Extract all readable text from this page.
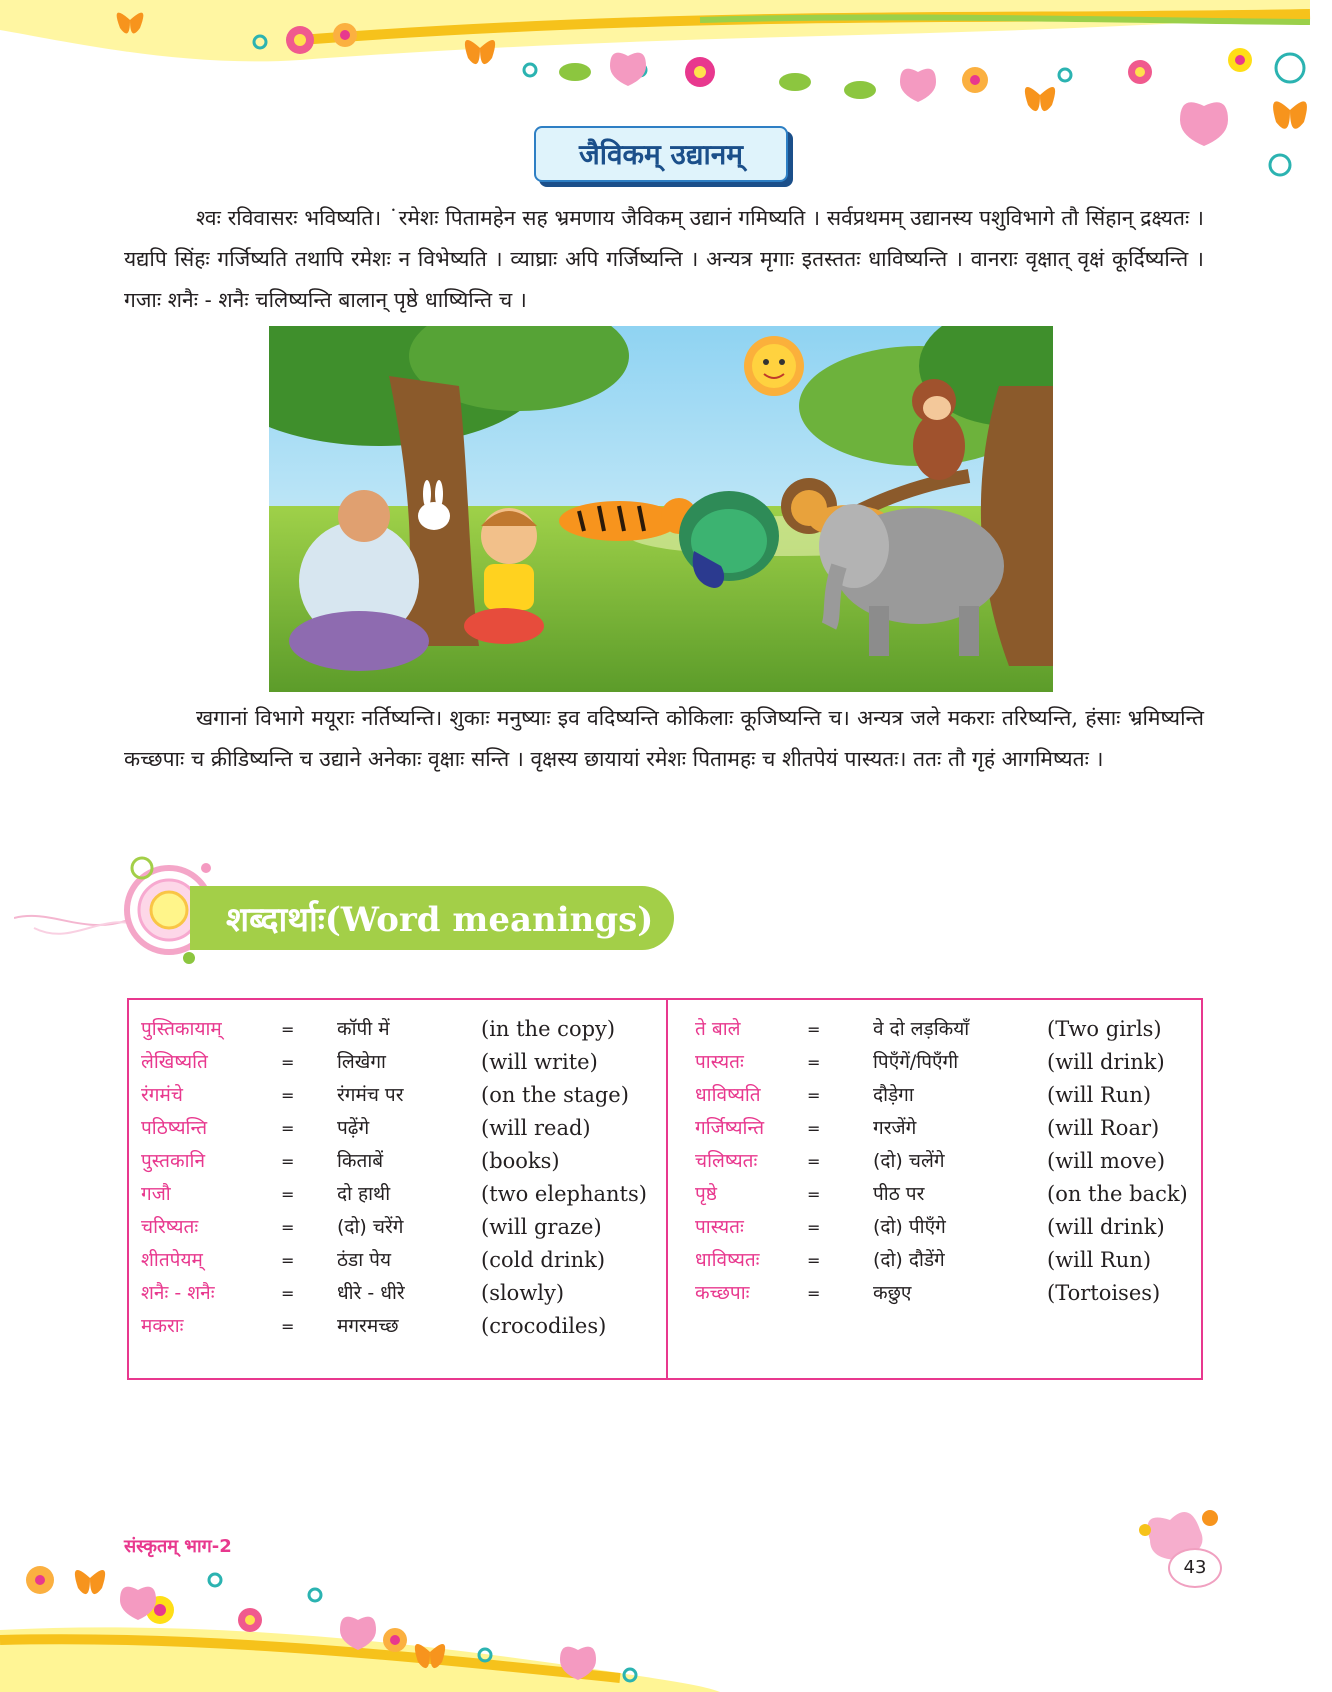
जैविकम् उद्यानम्

श्वः रविवासरः भविष्यति। ˙रमेशः पितामहेन सह भ्रमणाय जैविकम् उद्यानं गमिष्यति । सर्वप्रथमम् उद्यानस्य पशुविभागे तौ सिंहान् द्रक्ष्यतः । यद्यपि सिंहः गर्जिष्यति तथापि रमेशः न विभेष्यति । व्याघ्राः अपि गर्जिष्यन्ति । अन्यत्र मृगाः इतस्ततः धाविष्यन्ति । वानराः वृक्षात् वृक्षं कूर्दिष्यन्ति । गजाः शनैः - शनैः चलिष्यन्ति बालान् पृष्ठे धाष्यिन्ति च ।

खगानां विभागे मयूराः नर्तिष्यन्ति। शुकाः मनुष्याः इव वदिष्यन्ति कोकिलाः कूजिष्यन्ति च। अन्यत्र जले मकराः तरिष्यन्ति, हंसाः भ्रमिष्यन्ति कच्छपाः च क्रीडिष्यन्ति च उद्याने अनेकाः वृक्षाः सन्ति । वृक्षस्य छायायां रमेशः पितामहः च शीतपेयं पास्यतः। ततः तौ गृहं आगमिष्यतः ।

शब्दार्थाः(Word meanings)
पुस्तिकायाम्	= कॉपी में	(in the copy)
लेखिष्यति	= लिखेगा	(will write)
रंगमंचे	= रंगमंच पर	(on the stage)
पठिष्यन्ति	= पढ़ेंगे	(will read)
पुस्तकानि	= किताबें	(books)
गजौ	= दो हाथी	(two elephants)
चरिष्यतः	= (दो) चरेंगे	(will graze)
शीतपेयम्	= ठंडा पेय	(cold drink)
शनैः - शनैः	= धीरे - धीरे	(slowly)
मकराः	= मगरमच्छ	(crocodiles)
ते बाले	=	वे दो लड़कियाँ	(Two girls)
पास्यतः	=	पिएँगें/पिएँगी	(will drink)
धाविष्यति	=	दौड़ेगा	(will Run)
गर्जिष्यन्ति	=	गरजेंगे	(will Roar)
चलिष्यतः	=	(दो) चलेंगे	(will move)
पृष्ठे	=	पीठ पर	(on the back)
पास्यतः	=	(दो) पीएँगे	(will drink)
धाविष्यतः	=	(दो) दौडेंगे	(will Run)
कच्छपाः	=	कछुए	(Tortoises)
संस्कृतम् भाग-2
43
